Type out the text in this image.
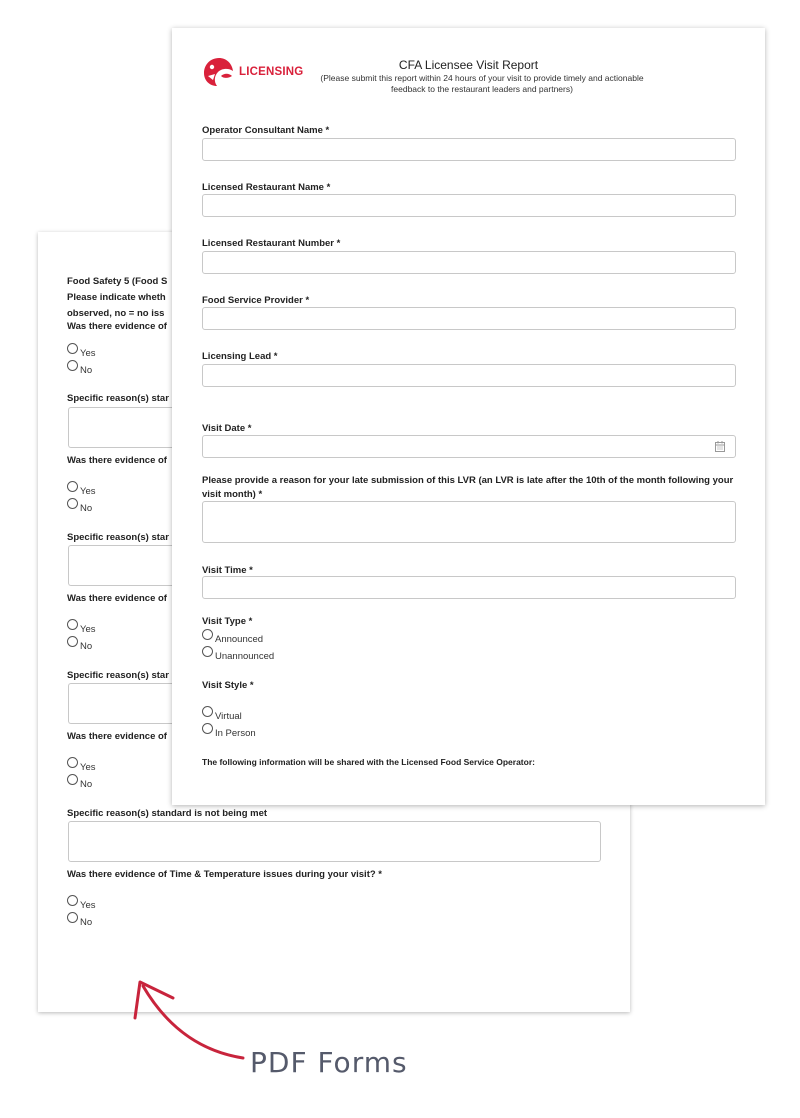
Food Safety 5 (Food S
Please indicate wheth
observed, no = no iss
Was there evidence of
Yes
No
Specific reason(s) star
Was there evidence of
Yes
No
Specific reason(s) star
Was there evidence of
Yes
No
Specific reason(s) star
Was there evidence of
Yes
No
Specific reason(s) standard is not being met
Was there evidence of Time & Temperature issues during your visit? *
Yes
No
LICENSING	CFA Licensee Visit Report
(Please submit this report within 24 hours of your visit to provide timely and actionable feedback to the restaurant leaders and partners)
Operator Consultant Name *
Licensed Restaurant Name *
Licensed Restaurant Number *
Food Service Provider *
Licensing Lead *
Visit Date *
Please provide a reason for your late submission of this LVR (an LVR is late after the 10th of the month following your visit month) *
Visit Time *
Visit Type *
Announced
Unannounced
Visit Style *
Virtual
In Person
The following information will be shared with the Licensed Food Service Operator:
PDF Forms
